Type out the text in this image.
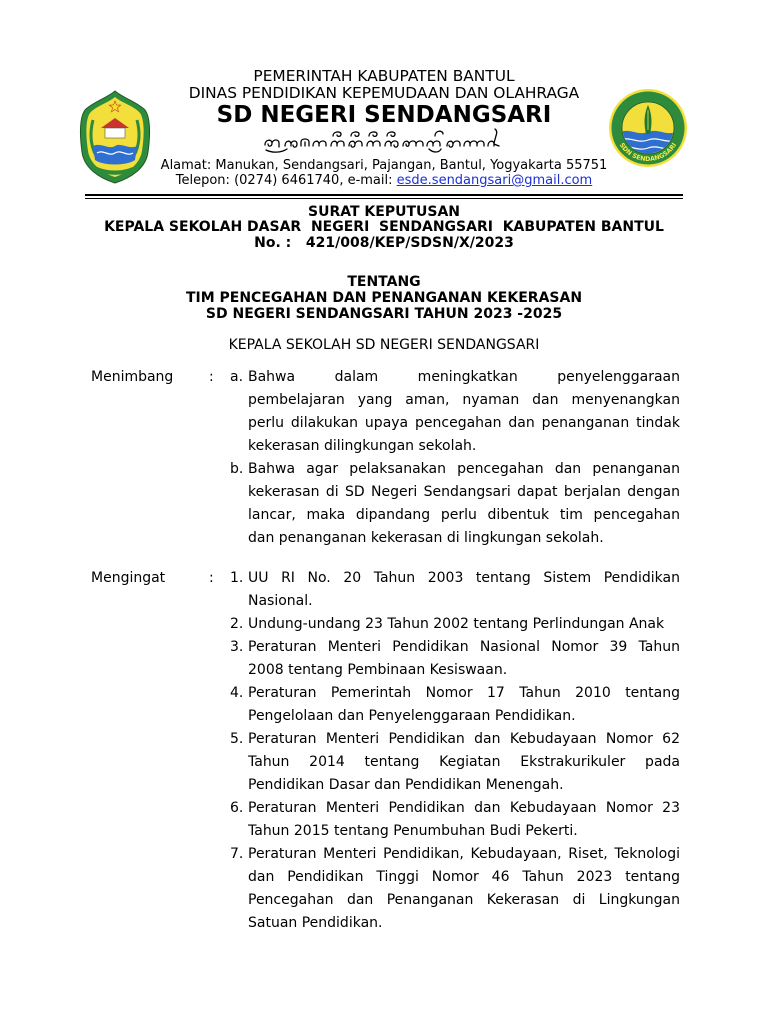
PEMERINTAH KABUPATEN BANTUL
DINAS PENDIDIKAN KEPEMUDAAN DAN OLAHRAGA
SD NEGERI SENDANGSARI
Alamat: Manukan, Sendangsari, Pajangan, Bantul, Yogyakarta 55751
Telepon: (0274) 6461740, e-mail: esde.sendangsari@gmail.com
SDN SENDANGSARI
SURAT KEPUTUSAN
KEPALA SEKOLAH DASAR  NEGERI  SENDANGSARI  KABUPATEN BANTUL
No. :   421/008/KEP/SDSN/X/2023
TENTANG
TIM PENCEGAHAN DAN PENANGANAN KEKERASAN
SD NEGERI SENDANGSARI TAHUN 2023 -2025
KEPALA SEKOLAH SD NEGERI SENDANGSARI
Menimbang	: a. Bahwa dalam meningkatkan penyelenggaraan
pembelajaran yang aman, nyaman dan menyenangkan
perlu dilakukan upaya pencegahan dan penanganan tindak
kekerasan dilingkungan sekolah.
b. Bahwa agar pelaksanakan pencegahan dan penanganan
kekerasan di SD Negeri Sendangsari dapat berjalan dengan
lancar, maka dipandang perlu dibentuk tim pencegahan
dan penanganan kekerasan di lingkungan sekolah.
Mengingat	: 1. UU RI No. 20 Tahun 2003 tentang Sistem Pendidikan
Nasional.
2. Undung-undang 23 Tahun 2002 tentang Perlindungan Anak
3. Peraturan Menteri Pendidikan Nasional Nomor 39 Tahun
2008 tentang Pembinaan Kesiswaan.
4. Peraturan Pemerintah Nomor 17 Tahun 2010 tentang
Pengelolaan dan Penyelenggaraan Pendidikan.
5. Peraturan Menteri Pendidikan dan Kebudayaan Nomor 62
Tahun 2014 tentang Kegiatan Ekstrakurikuler pada
Pendidikan Dasar dan Pendidikan Menengah.
6. Peraturan Menteri Pendidikan dan Kebudayaan Nomor 23
Tahun 2015 tentang Penumbuhan Budi Pekerti.
7. Peraturan Menteri Pendidikan, Kebudayaan, Riset, Teknologi
dan Pendidikan Tinggi Nomor 46 Tahun 2023 tentang
Pencegahan dan Penanganan Kekerasan di Lingkungan
Satuan Pendidikan.
